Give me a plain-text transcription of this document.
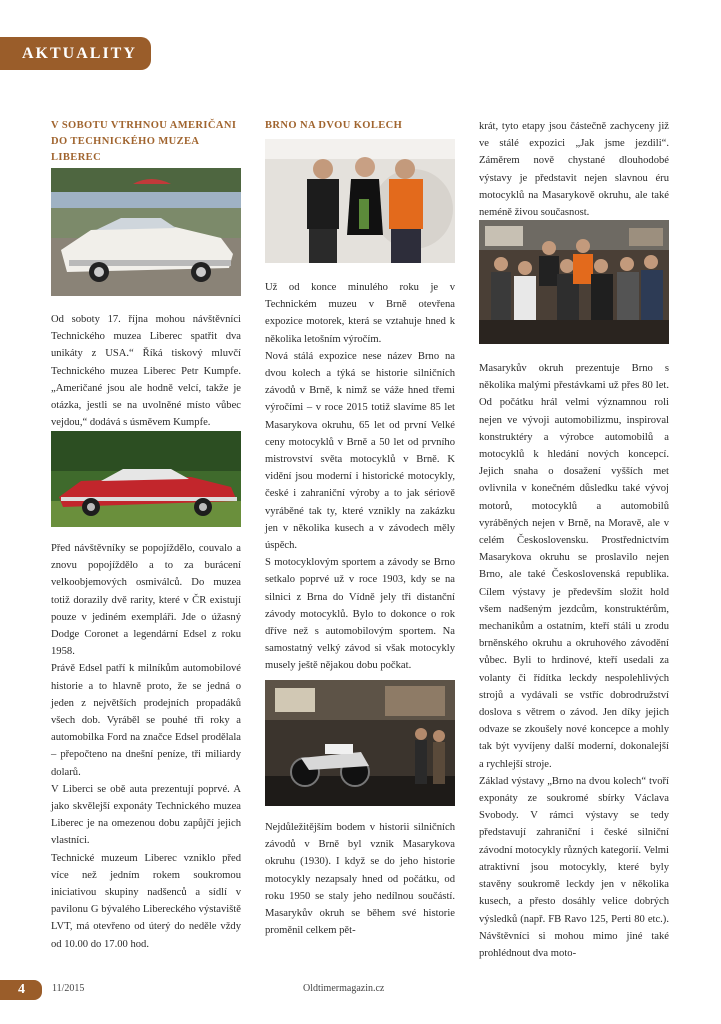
AKTUALITY
V SOBOTU VTRHNOU AMERIČANI DO TECHNICKÉHO MUZEA LIBEREC
Od soboty 17. října mohou návštěvníci Technického muzea Liberec spatřit dva unikáty z USA.“ Říká tiskový mluvčí Technického muzea Liberec Petr Kumpfe. „Američané jsou ale hodně velcí, takže je otázka, jestli se na uvolněné místo vůbec vejdou,“ dodává s úsměvem Kumpfe.

Před návštěvníky se popojíždělo, couvalo a znovu popojíždělo a to za burácení velkoobjemových osmiválců. Do muzea totiž dorazily dvě rarity, které v ČR existují pouze v jediném exempláři. Jde o úžasný Dodge Coronet a legendární Edsel z roku 1958.

Právě Edsel patří k milníkům automobilové historie a to hlavně proto, že se jedná o jeden z největších prodejních propadáků všech dob. Vyráběl se pouhé tři roky a automobilka Ford na značce Edsel prodělala – přepočteno na dnešní peníze, tři miliardy dolarů.

V Liberci se obě auta prezentují poprvé. A jako skvělejší exponáty Technického muzea Liberec je na omezenou dobu zapůjčí jejich vlastníci.

Technické muzeum Liberec vzniklo před více než jedním rokem soukromou iniciativou skupiny nadšenců a sídlí v pavilonu G bývalého Libereckého výstaviště LVT, má otevřeno od úterý do neděle vždy od 10.00 do 17.00 hod.

BRNO NA DVOU KOLECH

Už od konce minulého roku je v Technickém muzeu v Brně otevřena expozice motorek, která se vztahuje hned k několika letošním výročím.

Nová stálá expozice nese název Brno na dvou kolech a týká se historie silničních závodů v Brně, k nimž se váže hned třemi výročími – v roce 2015 totiž slavíme 85 let Masarykova okruhu, 65 let od první Velké ceny motocyklů v Brně a 50 let od prvního mistrovství světa motocyklů v Brně. K vidění jsou moderní i historické motocykly, české i zahraniční výroby a to jak sériově vyráběné tak ty, které vznikly na zakázku jen v několika kusech a v závodech měly úspěch.

S motocyklovým sportem a závody se Brno setkalo poprvé už v roce 1903, kdy se na silnici z Brna do Vídně jely tři distanční závody motocyklů. Bylo to dokonce o rok dříve než s automobilovým sportem. Na samostatný velký závod si však motocykly musely ještě nějakou dobu počkat.

Nejdůležitějším bodem v historii silničních závodů v Brně byl vznik Masarykova okruhu (1930). I když se do jeho historie motocykly nezapsaly hned od počátku, od roku 1950 se staly jeho nedílnou součástí. Masarykův okruh se během své historie proměnil celkem pět-
krát, tyto etapy jsou částečně zachyceny již ve stálé expozici „Jak jsme jezdili“. Záměrem nově chystané dlouhodobé výstavy je představit nejen slavnou éru motocyklů na Masarykově okruhu, ale také neméně živou současnost.

Masarykův okruh prezentuje Brno s několika malými přestávkami už přes 80 let. Od počátku hrál velmi významnou roli nejen ve vývoji automobilizmu, inspiroval konstruktéry a výrobce automobilů a motocyklů k hledání nových koncepcí. Jejich snaha o dosažení vyšších met ovlivnila v konečném důsledku také vývoj motorů, motocyklů a automobilů vyráběných nejen v Brně, na Moravě, ale v celém Československu. Prostřednictvím Masarykova okruhu se proslavilo nejen Brno, ale také Československá republika. Cílem výstavy je především složit hold všem nadšeným jezdcům, konstruktérům, mechanikům a ostatním, kteří stáli u zrodu brněnského okruhu a okruhového závodění vůbec. Byli to hrdinové, kteří usedali za volanty či řídítka leckdy nespolehlivých strojů a vydávali se vstříc dobrodružství doslova s větrem o závod. Jen díky jejich odvaze se zkoušely nové koncepce a mohly tak být vyvíjeny další moderní, dokonalejší a rychlejší stroje.

Základ výstavy „Brno na dvou kolech“ tvoří exponáty ze soukromé sbírky Václava Svobody. V rámci výstavy se tedy představují zahraniční i české silniční závodní motocykly různých kategorií. Velmi atraktivní jsou motocykly, které byly stavěny soukromě leckdy jen v několika kusech, a přesto dosáhly velice dobrých výsledků (např. FB Ravo 125, Perti 80 etc.). Návštěvníci si mohou mimo jiné také prohlédnout dva moto-

4	11/2015	Oldtimermagazin.cz
